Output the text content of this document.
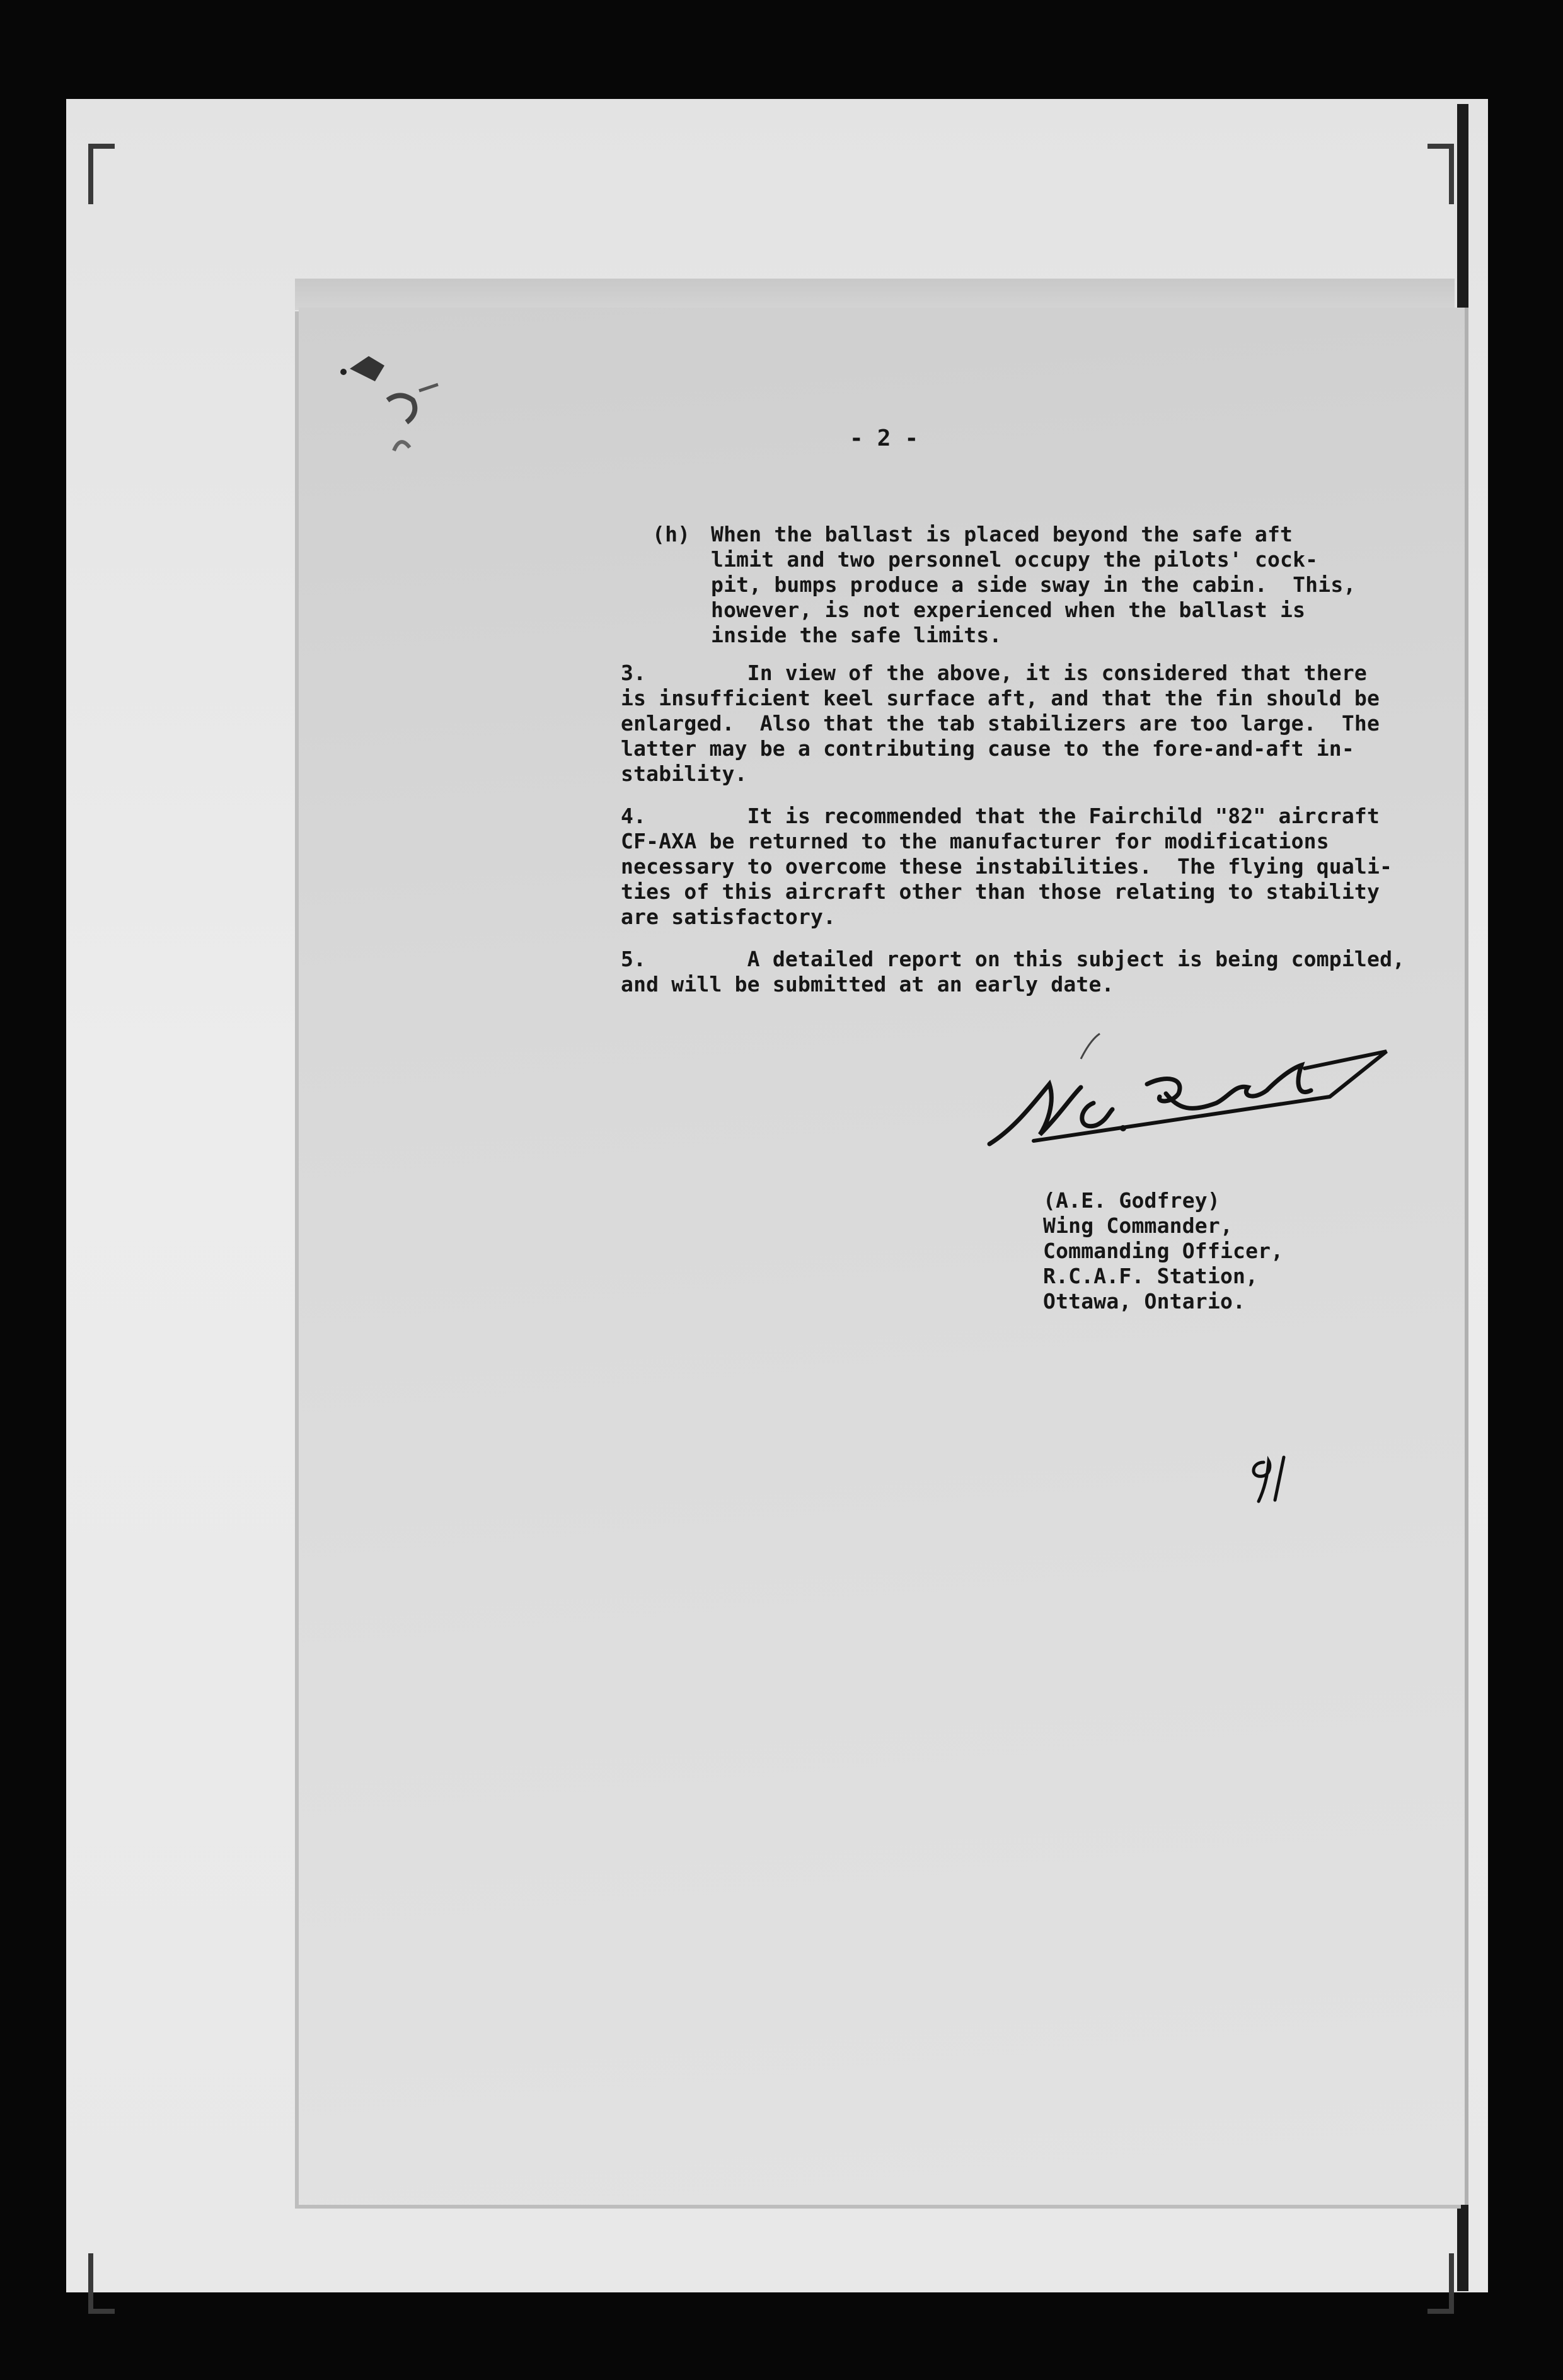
- 2 -
(h) When the ballast is placed beyond the safe aft
limit and two personnel occupy the pilots' cock-
pit, bumps produce a side sway in the cabin.  This,
however, is not experienced when the ballast is
inside the safe limits.
3.        In view of the above, it is considered that there
is insufficient keel surface aft, and that the fin should be
enlarged.  Also that the tab stabilizers are too large.  The
latter may be a contributing cause to the fore-and-aft in-
stability.
4.        It is recommended that the Fairchild "82" aircraft
CF-AXA be returned to the manufacturer for modifications
necessary to overcome these instabilities.  The flying quali-
ties of this aircraft other than those relating to stability
are satisfactory.
5.        A detailed report on this subject is being compiled,
and will be submitted at an early date.
(A.E. Godfrey)
Wing Commander,
Commanding Officer,
R.C.A.F. Station,
Ottawa, Ontario.
